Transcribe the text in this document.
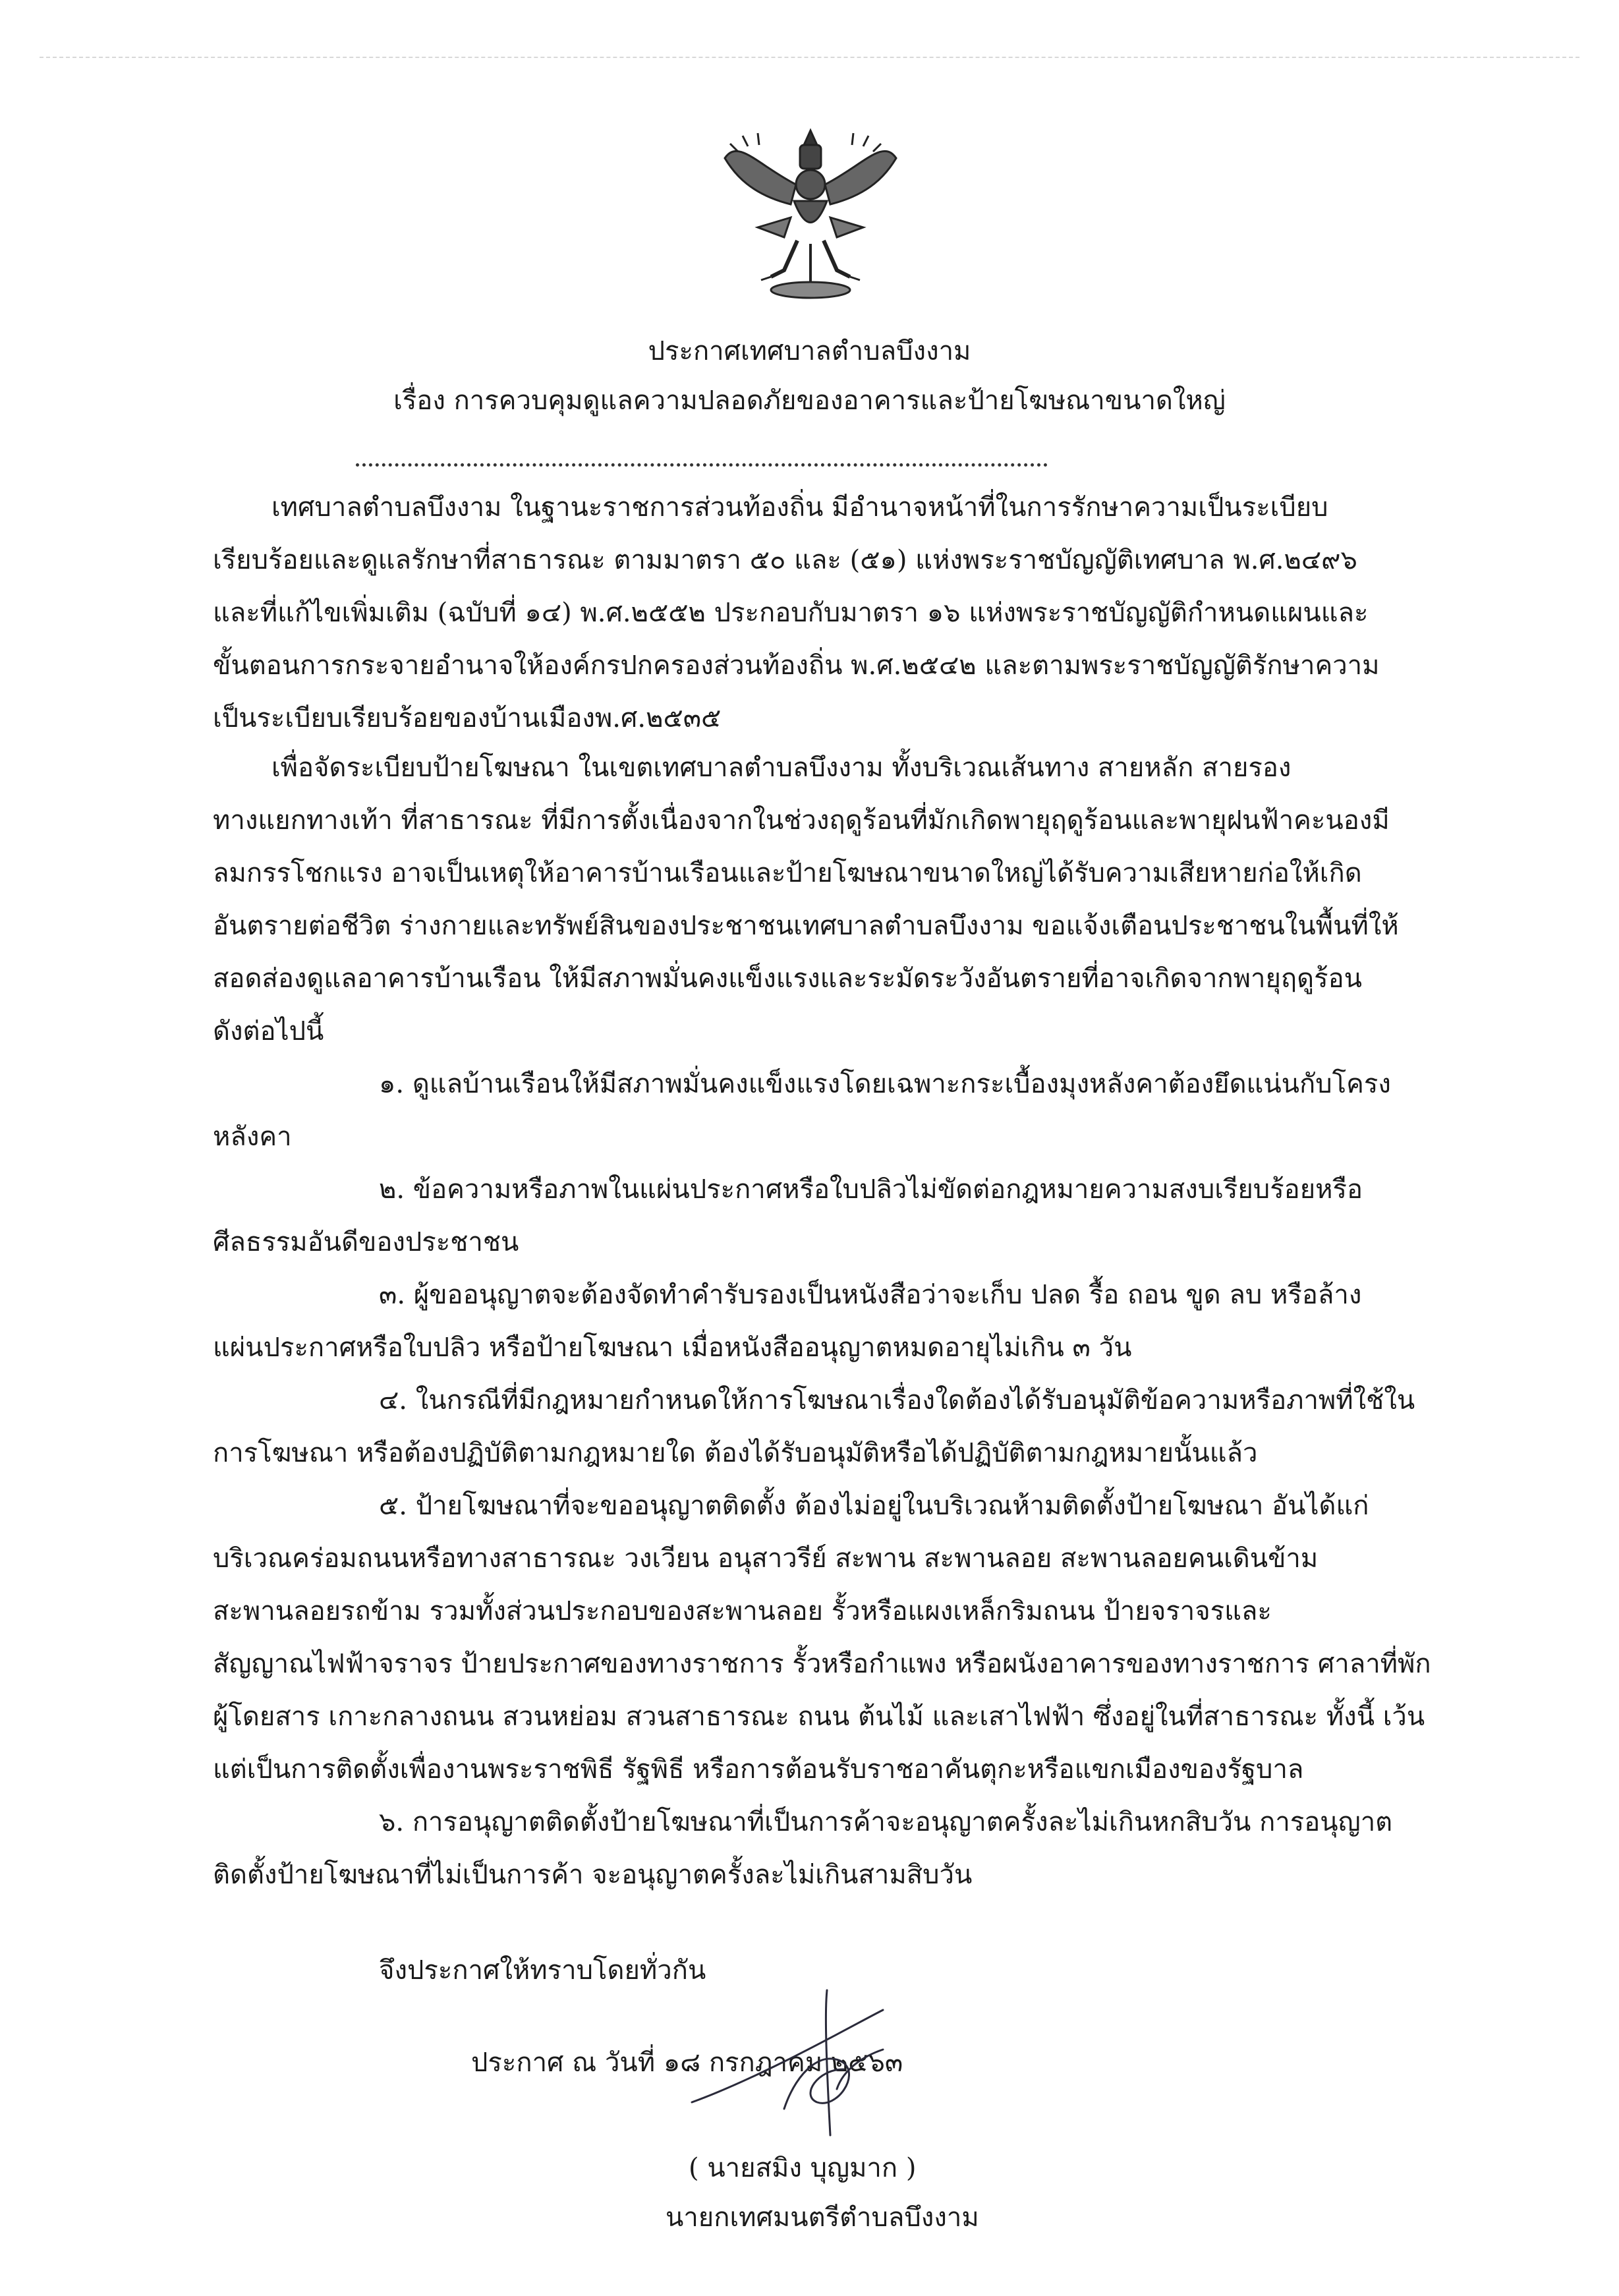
ประกาศเทศบาลตำบลบึงงาม
เรื่อง การควบคุมดูแลความปลอดภัยของอาคารและป้ายโฆษณาขนาดใหญ่
เทศบาลตำบลบึงงาม ในฐานะราชการส่วนท้องถิ่น มีอำนาจหน้าที่ในการรักษาความเป็นระเบียบ
เรียบร้อยและดูแลรักษาที่สาธารณะ ตามมาตรา ๕๐ และ (๕๑) แห่งพระราชบัญญัติเทศบาล พ.ศ.๒๔๙๖
และที่แก้ไขเพิ่มเติม (ฉบับที่ ๑๔) พ.ศ.๒๕๕๒ ประกอบกับมาตรา ๑๖ แห่งพระราชบัญญัติกำหนดแผนและ
ขั้นตอนการกระจายอำนาจให้องค์กรปกครองส่วนท้องถิ่น พ.ศ.๒๕๔๒ และตามพระราชบัญญัติรักษาความ
เป็นระเบียบเรียบร้อยของบ้านเมืองพ.ศ.๒๕๓๕
เพื่อจัดระเบียบป้ายโฆษณา ในเขตเทศบาลตำบลบึงงาม ทั้งบริเวณเส้นทาง สายหลัก สายรอง
ทางแยกทางเท้า ที่สาธารณะ ที่มีการตั้งเนื่องจากในช่วงฤดูร้อนที่มักเกิดพายุฤดูร้อนและพายุฝนฟ้าคะนองมี
ลมกรรโชกแรง อาจเป็นเหตุให้อาคารบ้านเรือนและป้ายโฆษณาขนาดใหญ่ได้รับความเสียหายก่อให้เกิด
อันตรายต่อชีวิต ร่างกายและทรัพย์สินของประชาชนเทศบาลตำบลบึงงาม ขอแจ้งเตือนประชาชนในพื้นที่ให้
สอดส่องดูแลอาคารบ้านเรือน ให้มีสภาพมั่นคงแข็งแรงและระมัดระวังอันตรายที่อาจเกิดจากพายุฤดูร้อน
ดังต่อไปนี้
๑. ดูแลบ้านเรือนให้มีสภาพมั่นคงแข็งแรงโดยเฉพาะกระเบื้องมุงหลังคาต้องยึดแน่นกับโครง
หลังคา
๒. ข้อความหรือภาพในแผ่นประกาศหรือใบปลิวไม่ขัดต่อกฎหมายความสงบเรียบร้อยหรือ
ศีลธรรมอันดีของประชาชน
๓. ผู้ขออนุญาตจะต้องจัดทำคำรับรองเป็นหนังสือว่าจะเก็บ ปลด รื้อ ถอน ขูด ลบ หรือล้าง
แผ่นประกาศหรือใบปลิว หรือป้ายโฆษณา เมื่อหนังสืออนุญาตหมดอายุไม่เกิน ๓ วัน
๔. ในกรณีที่มีกฎหมายกำหนดให้การโฆษณาเรื่องใดต้องได้รับอนุมัติข้อความหรือภาพที่ใช้ใน
การโฆษณา หรือต้องปฏิบัติตามกฎหมายใด ต้องได้รับอนุมัติหรือได้ปฏิบัติตามกฎหมายนั้นแล้ว
๕. ป้ายโฆษณาที่จะขออนุญาตติดตั้ง ต้องไม่อยู่ในบริเวณห้ามติดตั้งป้ายโฆษณา อันได้แก่
บริเวณคร่อมถนนหรือทางสาธารณะ วงเวียน อนุสาวรีย์ สะพาน สะพานลอย สะพานลอยคนเดินข้าม
สะพานลอยรถข้าม รวมทั้งส่วนประกอบของสะพานลอย รั้วหรือแผงเหล็กริมถนน ป้ายจราจรและ
สัญญาณไฟฟ้าจราจร ป้ายประกาศของทางราชการ รั้วหรือกำแพง หรือผนังอาคารของทางราชการ ศาลาที่พัก
ผู้โดยสาร เกาะกลางถนน สวนหย่อม สวนสาธารณะ ถนน ต้นไม้ และเสาไฟฟ้า ซึ่งอยู่ในที่สาธารณะ ทั้งนี้ เว้น
แต่เป็นการติดตั้งเพื่องานพระราชพิธี รัฐพิธี หรือการต้อนรับราชอาคันตุกะหรือแขกเมืองของรัฐบาล
๖. การอนุญาตติดตั้งป้ายโฆษณาที่เป็นการค้าจะอนุญาตครั้งละไม่เกินหกสิบวัน การอนุญาต
ติดตั้งป้ายโฆษณาที่ไม่เป็นการค้า จะอนุญาตครั้งละไม่เกินสามสิบวัน
จึงประกาศให้ทราบโดยทั่วกัน
ประกาศ ณ วันที่ ๑๘ กรกฎาคม ๒๕๖๓
( นายสมิง บุญมาก )
นายกเทศมนตรีตำบลบึงงาม
